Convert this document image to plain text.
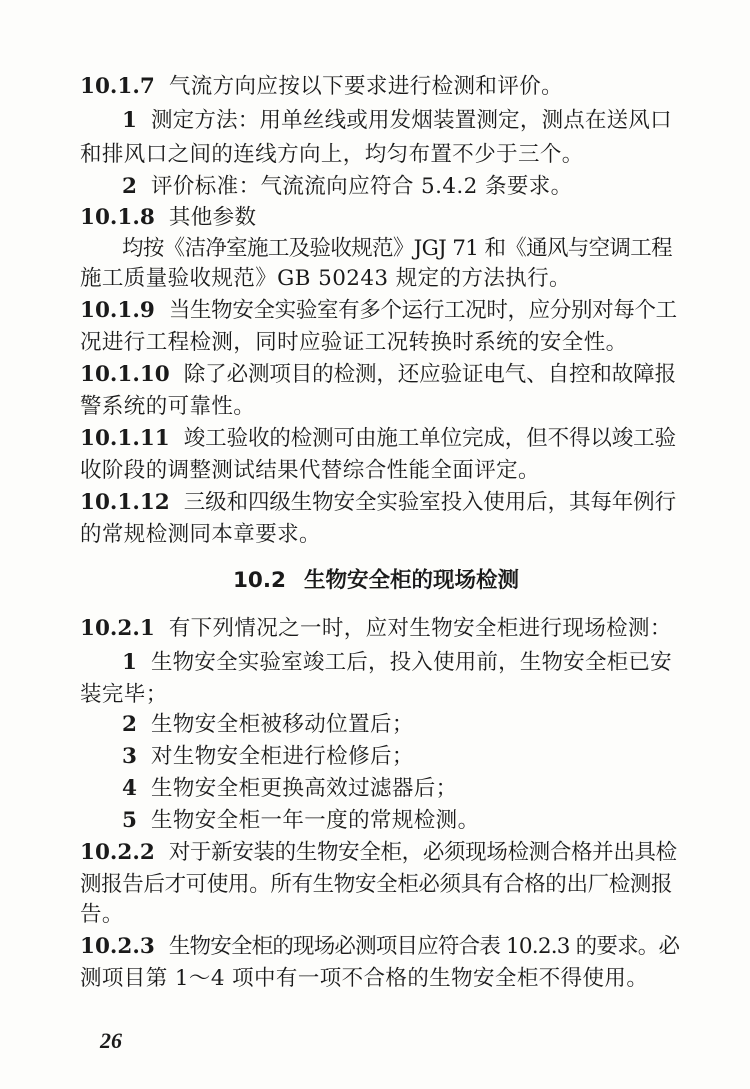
10.1.7 气流方向应按以下要求进行检测和评价。
1 测定方法：用单丝线或用发烟装置测定，测点在送风口
和排风口之间的连线方向上，均匀布置不少于三个。
2 评价标准：气流流向应符合 5.4.2 条要求。
10.1.8 其他参数
均按《洁净室施工及验收规范》JGJ 71 和《通风与空调工程
施工质量验收规范》GB 50243 规定的方法执行。
10.1.9 当生物安全实验室有多个运行工况时，应分别对每个工
况进行工程检测，同时应验证工况转换时系统的安全性。
10.1.10 除了必测项目的检测，还应验证电气、自控和故障报
警系统的可靠性。
10.1.11 竣工验收的检测可由施工单位完成，但不得以竣工验
收阶段的调整测试结果代替综合性能全面评定。
10.1.12 三级和四级生物安全实验室投入使用后，其每年例行
的常规检测同本章要求。
10.2 生物安全柜的现场检测
10.2.1 有下列情况之一时，应对生物安全柜进行现场检测：
1 生物安全实验室竣工后，投入使用前，生物安全柜已安
装完毕；
2 生物安全柜被移动位置后；
3 对生物安全柜进行检修后；
4 生物安全柜更换高效过滤器后；
5 生物安全柜一年一度的常规检测。
10.2.2 对于新安装的生物安全柜，必须现场检测合格并出具检
测报告后才可使用。所有生物安全柜必须具有合格的出厂检测报
告。
10.2.3 生物安全柜的现场必测项目应符合表 10.2.3 的要求。必
测项目第 1～4 项中有一项不合格的生物安全柜不得使用。
26
